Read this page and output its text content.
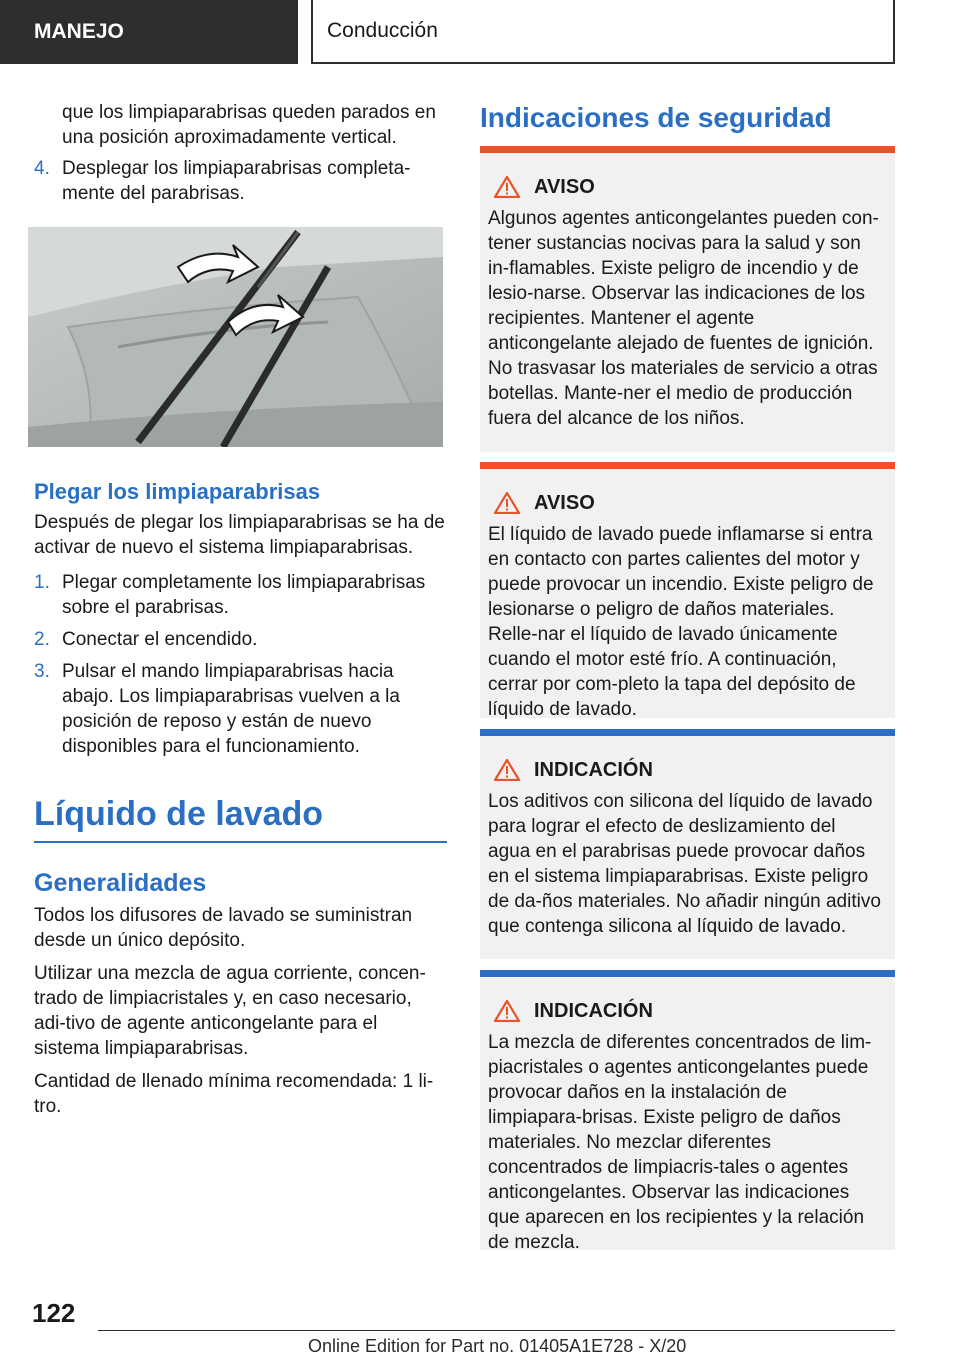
MANEJO	Conducción
que los limpiaparabrisas queden parados en una posición aproximadamente vertical.
4. Desplegar los limpiaparabrisas completa-mente del parabrisas.
Plegar los limpiaparabrisas
Después de plegar los limpiaparabrisas se ha de activar de nuevo el sistema limpiaparabrisas.
1. Plegar completamente los limpiaparabrisas sobre el parabrisas.
2. Conectar el encendido.
3. Pulsar el mando limpiaparabrisas hacia abajo. Los limpiaparabrisas vuelven a la posición de reposo y están de nuevo disponibles para el funcionamiento.
Líquido de lavado
Generalidades
Todos los difusores de lavado se suministran desde un único depósito.
Utilizar una mezcla de agua corriente, concen-trado de limpiacristales y, en caso necesario, adi-tivo de agente anticongelante para el sistema limpiaparabrisas.
Cantidad de llenado mínima recomendada: 1 li-tro.
Indicaciones de seguridad
AVISO
Algunos agentes anticongelantes pueden con-tener sustancias nocivas para la salud y son in-flamables. Existe peligro de incendio y de lesio-narse. Observar las indicaciones de los recipientes. Mantener el agente anticongelante alejado de fuentes de ignición. No trasvasar los materiales de servicio a otras botellas. Mante-ner el medio de producción fuera del alcance de los niños.
AVISO
El líquido de lavado puede inflamarse si entra en contacto con partes calientes del motor y puede provocar un incendio. Existe peligro de lesionarse o peligro de daños materiales. Relle-nar el líquido de lavado únicamente cuando el motor esté frío. A continuación, cerrar por com-pleto la tapa del depósito de líquido de lavado.
INDICACIÓN
Los aditivos con silicona del líquido de lavado para lograr el efecto de deslizamiento del agua en el parabrisas puede provocar daños en el sistema limpiaparabrisas. Existe peligro de da-ños materiales. No añadir ningún aditivo que contenga silicona al líquido de lavado.
INDICACIÓN
La mezcla de diferentes concentrados de lim-piacristales o agentes anticongelantes puede provocar daños en la instalación de limpiapara-brisas. Existe peligro de daños materiales. No mezclar diferentes concentrados de limpiacris-tales o agentes anticongelantes. Observar las indicaciones que aparecen en los recipientes y la relación de mezcla.
122
Online Edition for Part no. 01405A1E728 - X/20
